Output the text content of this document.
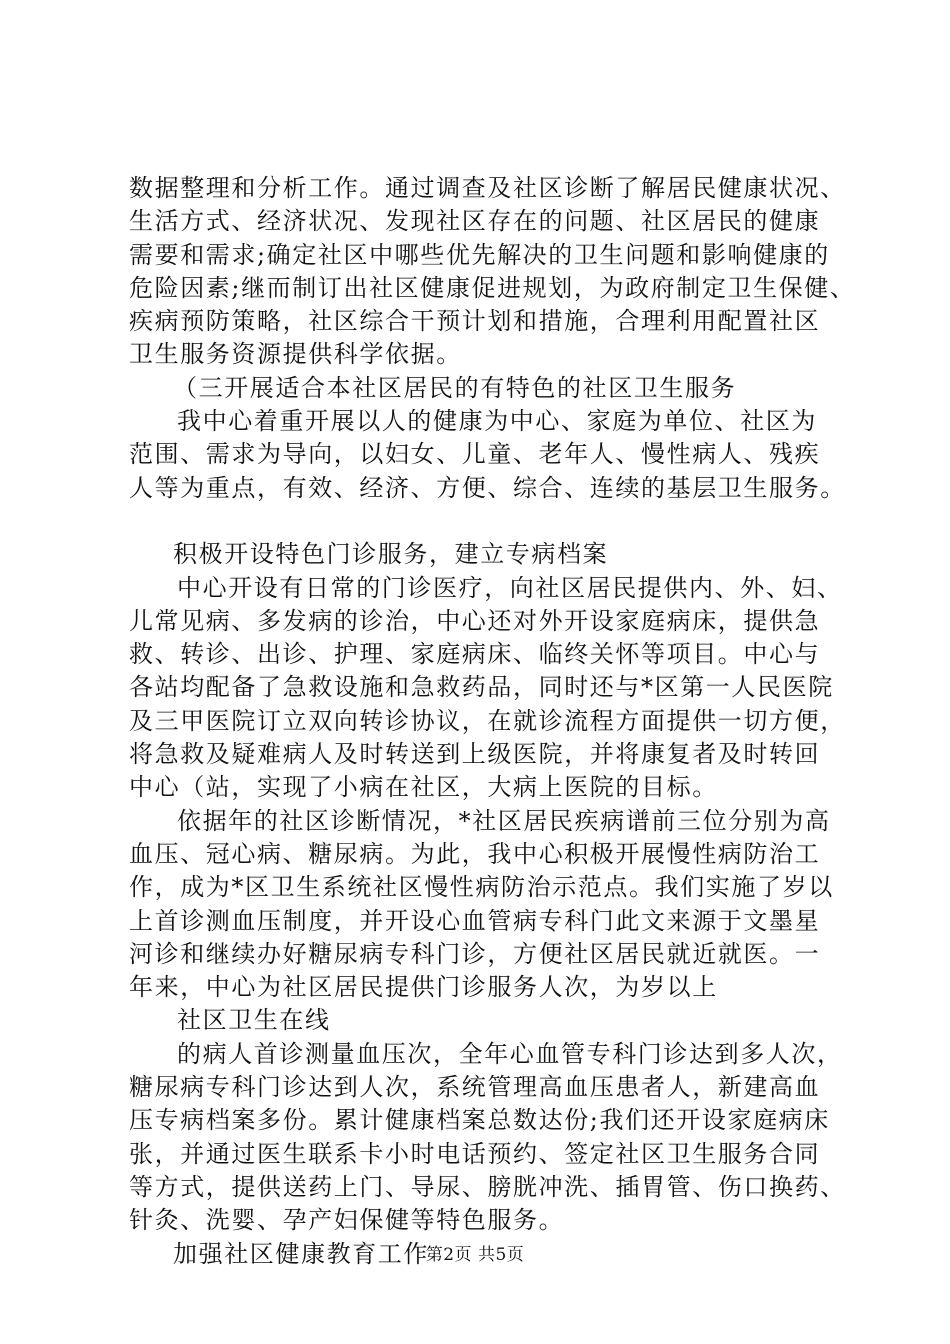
数据整理和分析工作。通过调查及社区诊断了解居民健康状况、
生活方式、经济状况、发现社区存在的问题、社区居民的健康
需要和需求;确定社区中哪些优先解决的卫生问题和影响健康的
危险因素;继而制订出社区健康促进规划，为政府制定卫生保健、
疾病预防策略，社区综合干预计划和措施，合理利用配置社区
卫生服务资源提供科学依据。
（三开展适合本社区居民的有特色的社区卫生服务
我中心着重开展以人的健康为中心、家庭为单位、社区为
范围、需求为导向，以妇女、儿童、老年人、慢性病人、残疾
人等为重点，有效、经济、方便、综合、连续的基层卫生服务。
积极开设特色门诊服务，建立专病档案
中心开设有日常的门诊医疗，向社区居民提供内、外、妇、
儿常见病、多发病的诊治，中心还对外开设家庭病床，提供急
救、转诊、出诊、护理、家庭病床、临终关怀等项目。中心与
各站均配备了急救设施和急救药品，同时还与*区第一人民医院
及三甲医院订立双向转诊协议，在就诊流程方面提供一切方便，
将急救及疑难病人及时转送到上级医院，并将康复者及时转回
中心（站，实现了小病在社区，大病上医院的目标。
依据年的社区诊断情况，*社区居民疾病谱前三位分别为高
血压、冠心病、糖尿病。为此，我中心积极开展慢性病防治工
作，成为*区卫生系统社区慢性病防治示范点。我们实施了岁以
上首诊测血压制度，并开设心血管病专科门此文来源于文墨星
河诊和继续办好糖尿病专科门诊，方便社区居民就近就医。一
年来，中心为社区居民提供门诊服务人次，为岁以上
社区卫生在线
的病人首诊测量血压次，全年心血管专科门诊达到多人次，
糖尿病专科门诊达到人次，系统管理高血压患者人，新建高血
压专病档案多份。累计健康档案总数达份;我们还开设家庭病床
张，并通过医生联系卡小时电话预约、签定社区卫生服务合同
等方式，提供送药上门、导尿、膀胱冲洗、插胃管、伤口换药、
针灸、洗婴、孕产妇保健等特色服务。
加强社区健康教育工作
第2页 共5页
